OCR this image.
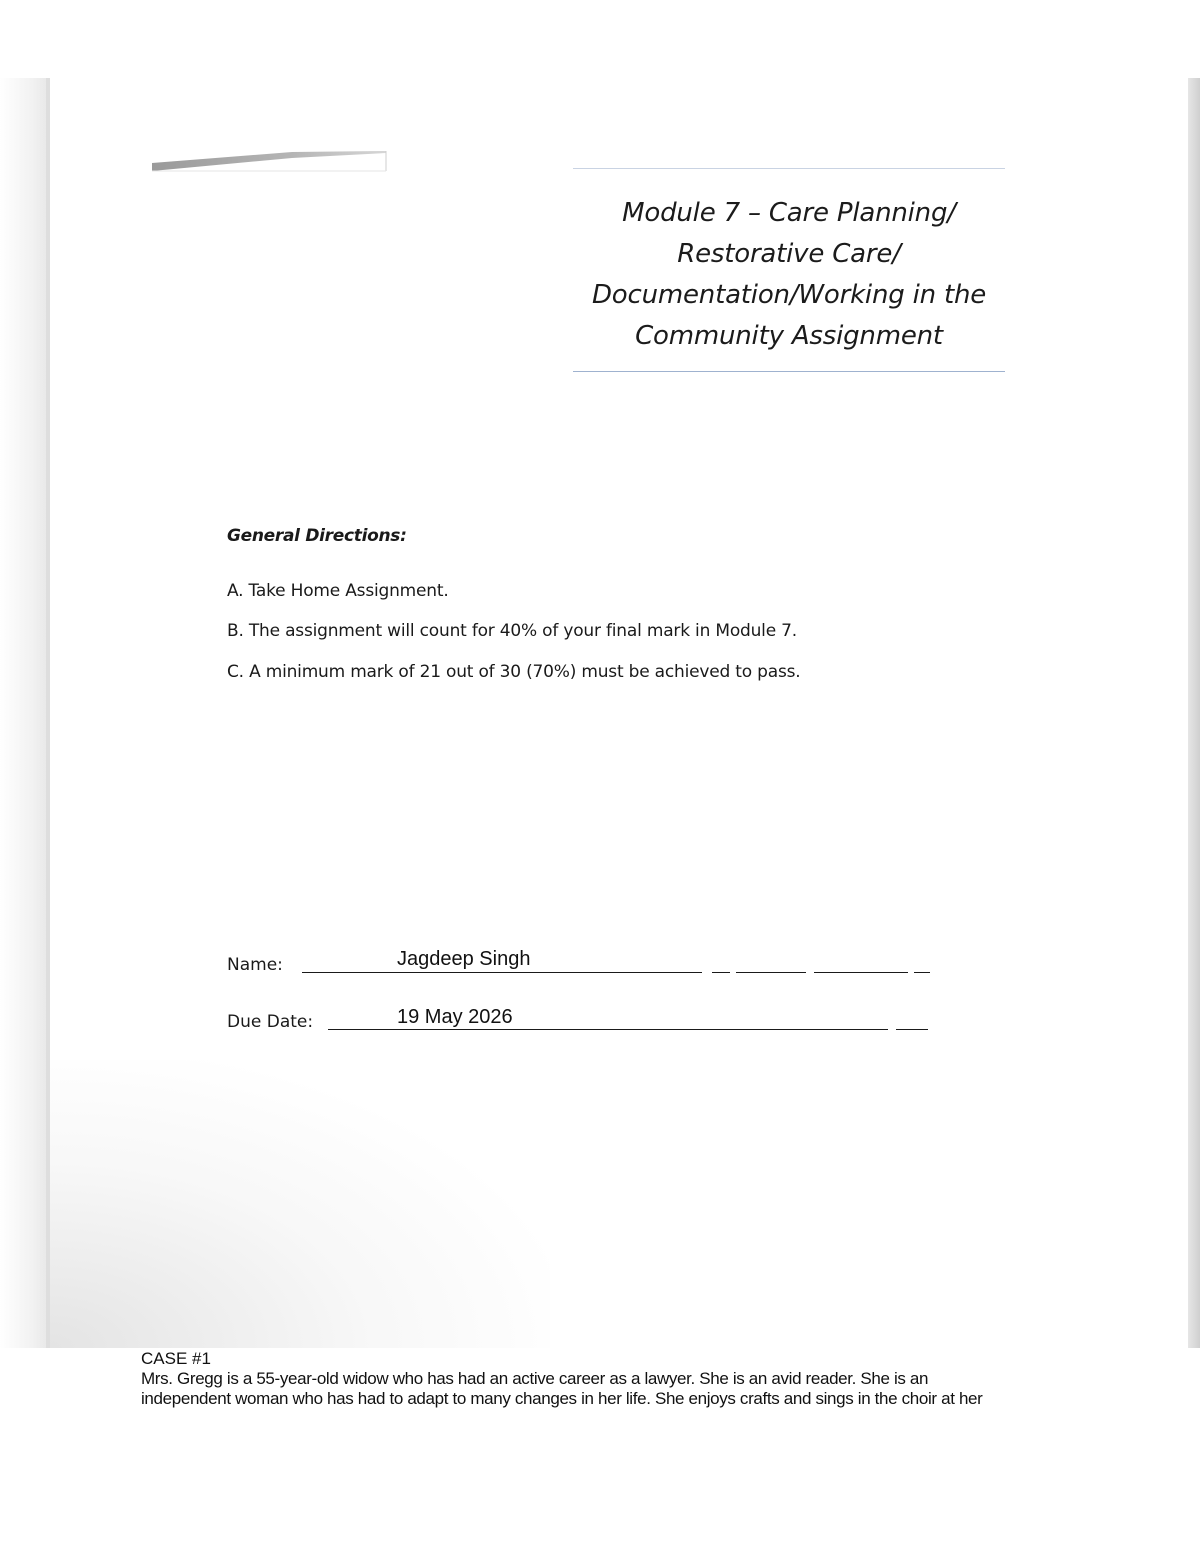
Module 7 – Care Planning/
Restorative Care/
Documentation/Working in the
Community Assignment
General Directions:
A. Take Home Assignment.
B. The assignment will count for 40% of your final mark in Module 7.
C. A minimum mark of 21 out of 30 (70%) must be achieved to pass.
Name:	Jagdeep Singh
Due Date:	19 May 2026
CASE #1
Mrs. Gregg is a 55-year-old widow who has had an active career as a lawyer. She is an avid reader. She is an
independent woman who has had to adapt to many changes in her life. She enjoys crafts and sings in the choir at her
